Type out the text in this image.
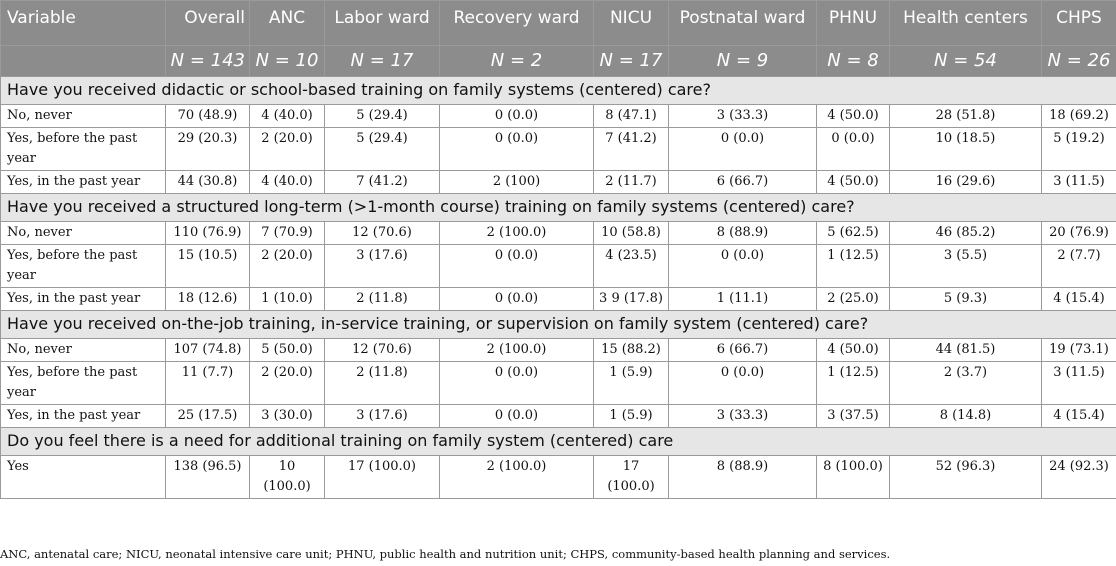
Variable	Overall	ANC	Labor ward	Recovery ward	NICU	Postnatal ward	PHNU	Health centers	CHPS
	N = 143	N = 10	N = 17	N = 2	N = 17	N = 9	N = 8	N = 54	N = 26
Have you received didactic or school-based training on family systems (centered) care?									
No, never	70 (48.9)	4 (40.0)	5 (29.4)	0 (0.0)	8 (47.1)	3 (33.3)	4 (50.0)	28 (51.8)	18 (69.2)
Yes, before the past year	29 (20.3)	2 (20.0)	5 (29.4)	0 (0.0)	7 (41.2)	0 (0.0)	0 (0.0)	10 (18.5)	5 (19.2)
Yes, in the past year	44 (30.8)	4 (40.0)	7 (41.2)	2 (100)	2 (11.7)	6 (66.7)	4 (50.0)	16 (29.6)	3 (11.5)
Have you received a structured long-term (>1-month course) training on family systems (centered) care?									
No, never	110 (76.9)	7 (70.9)	12 (70.6)	2 (100.0)	10 (58.8)	8 (88.9)	5 (62.5)	46 (85.2)	20 (76.9)
Yes, before the past year	15 (10.5)	2 (20.0)	3 (17.6)	0 (0.0)	4 (23.5)	0 (0.0)	1 (12.5)	3 (5.5)	2 (7.7)
Yes, in the past year	18 (12.6)	1 (10.0)	2 (11.8)	0 (0.0)	3 9 (17.8)	1 (11.1)	2 (25.0)	5 (9.3)	4 (15.4)
Have you received on-the-job training, in-service training, or supervision on family system (centered) care?									
No, never	107 (74.8)	5 (50.0)	12 (70.6)	2 (100.0)	15 (88.2)	6 (66.7)	4 (50.0)	44 (81.5)	19 (73.1)
Yes, before the past year	11 (7.7)	2 (20.0)	2 (11.8)	0 (0.0)	1 (5.9)	0 (0.0)	1 (12.5)	2 (3.7)	3 (11.5)
Yes, in the past year	25 (17.5)	3 (30.0)	3 (17.6)	0 (0.0)	1 (5.9)	3 (33.3)	3 (37.5)	8 (14.8)	4 (15.4)
Do you feel there is a need for additional training on family system (centered) care									
Yes	138 (96.5)	10 (100.0)	17 (100.0)	2 (100.0)	17 (100.0)	8 (88.9)	8 (100.0)	52 (96.3)	24 (92.3)
ANC, antenatal care; NICU, neonatal intensive care unit; PHNU, public health and nutrition unit; CHPS, community-based health planning and services.
